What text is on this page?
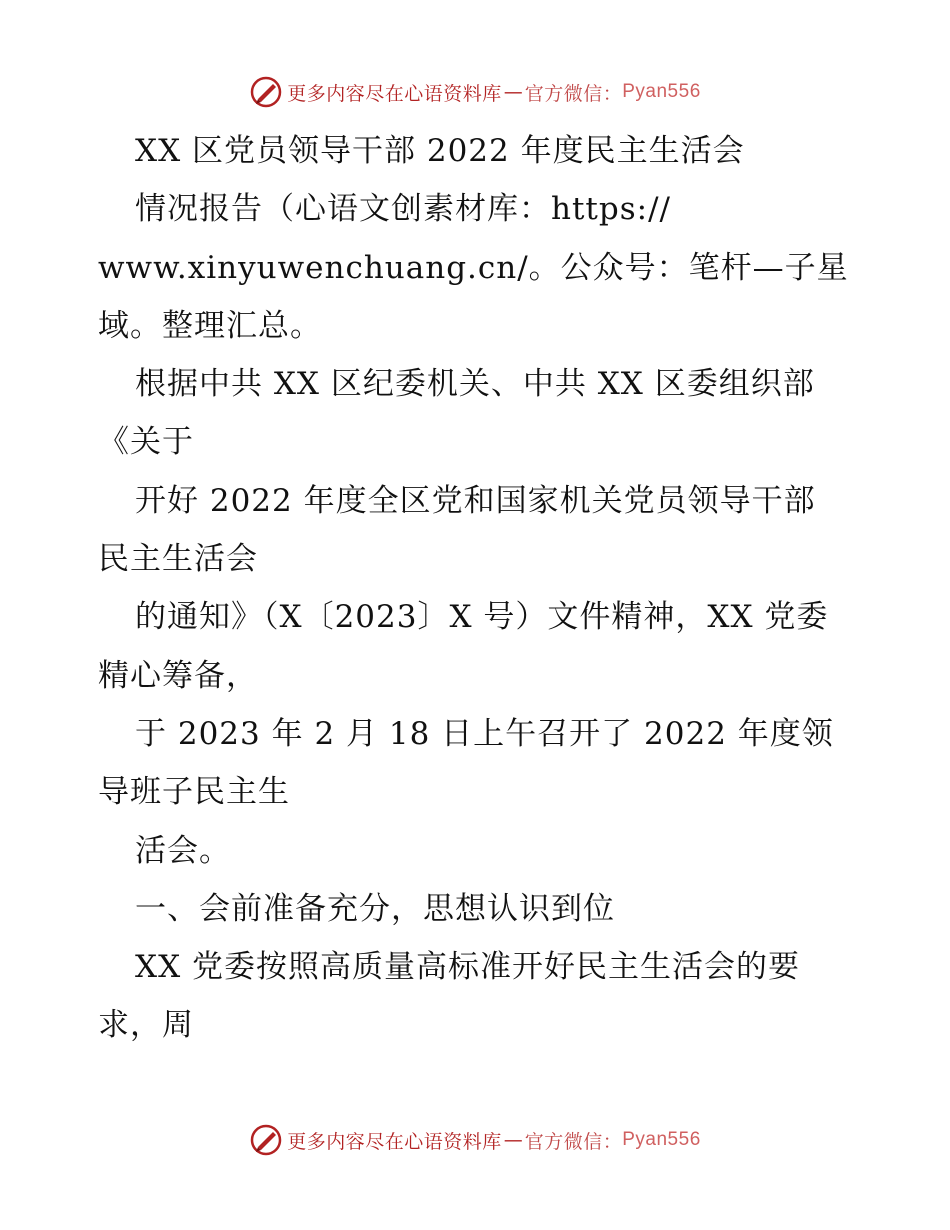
更多内容尽在心语资料库 — 官方微信： Pyan556
XX 区党员领导干部 2022 年度民主生活会
情况报告（心语文创素材库：https://
www.xinyuwenchuang.cn/。公众号：笔杆—子星
域。整理汇总。
根据中共 XX 区纪委机关、中共 XX 区委组织部
《关于
开好 2022 年度全区党和国家机关党员领导干部
民主生活会
的通知》（X〔2023〕X 号）文件精神，XX 党委
精心筹备，
于 2023 年 2 月 18 日上午召开了 2022 年度领
导班子民主生
活会。
一、会前准备充分，思想认识到位
XX 党委按照高质量高标准开好民主生活会的要
求，周
更多内容尽在心语资料库 — 官方微信： Pyan556
